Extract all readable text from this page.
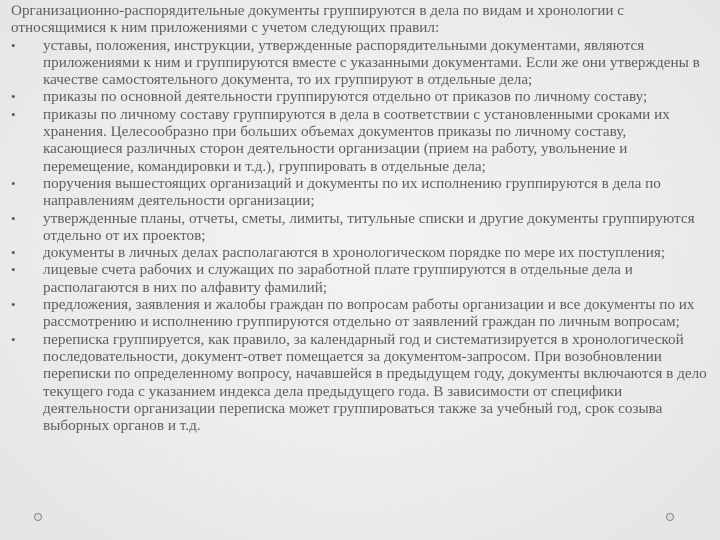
Организационно-распорядительные документы группируются в дела по видам и хронологии с относящимися к ним приложениями с учетом следующих правил:

•	уставы, положения, инструкции, утвержденные распорядительными документами, являются приложениями к ним и группируются вместе с указанными документами. Если же они утверждены в качестве самостоятельного документа, то их группируют в отдельные дела;
•	приказы по основной деятельности группируются отдельно от приказов по личному составу;
•	приказы по личному составу группируются в дела в соответствии с установленными сроками их хранения. Целесообразно при больших объемах документов приказы по личному составу, касающиеся различных сторон деятельности организации (прием на работу, увольнение и перемещение, командировки и т.д.), группировать в отдельные дела;
•	поручения вышестоящих организаций и документы по их исполнению группируются в дела по направлениям деятельности организации;
•	утвержденные планы, отчеты, сметы, лимиты, титульные списки и другие документы группируются отдельно от их проектов;
•	документы в личных делах располагаются в хронологическом порядке по мере их поступления;
•	лицевые счета рабочих и служащих по заработной плате группируются в отдельные дела и располагаются в них по алфавиту фамилий;
•	предложения, заявления и жалобы граждан по вопросам работы организации и все документы по их рассмотрению и исполнению группируются отдельно от заявлений граждан по личным вопросам;
•	переписка группируется, как правило, за календарный год и систематизируется в хронологической последовательности, документ-ответ помещается за документом-запросом. При возобновлении переписки по определенному вопросу, начавшейся в предыдущем году, документы включаются в дело текущего года с указанием индекса дела предыдущего года. В зависимости от специфики деятельности организации переписка может группироваться также за учебный год, срок созыва выборных органов и т.д.
